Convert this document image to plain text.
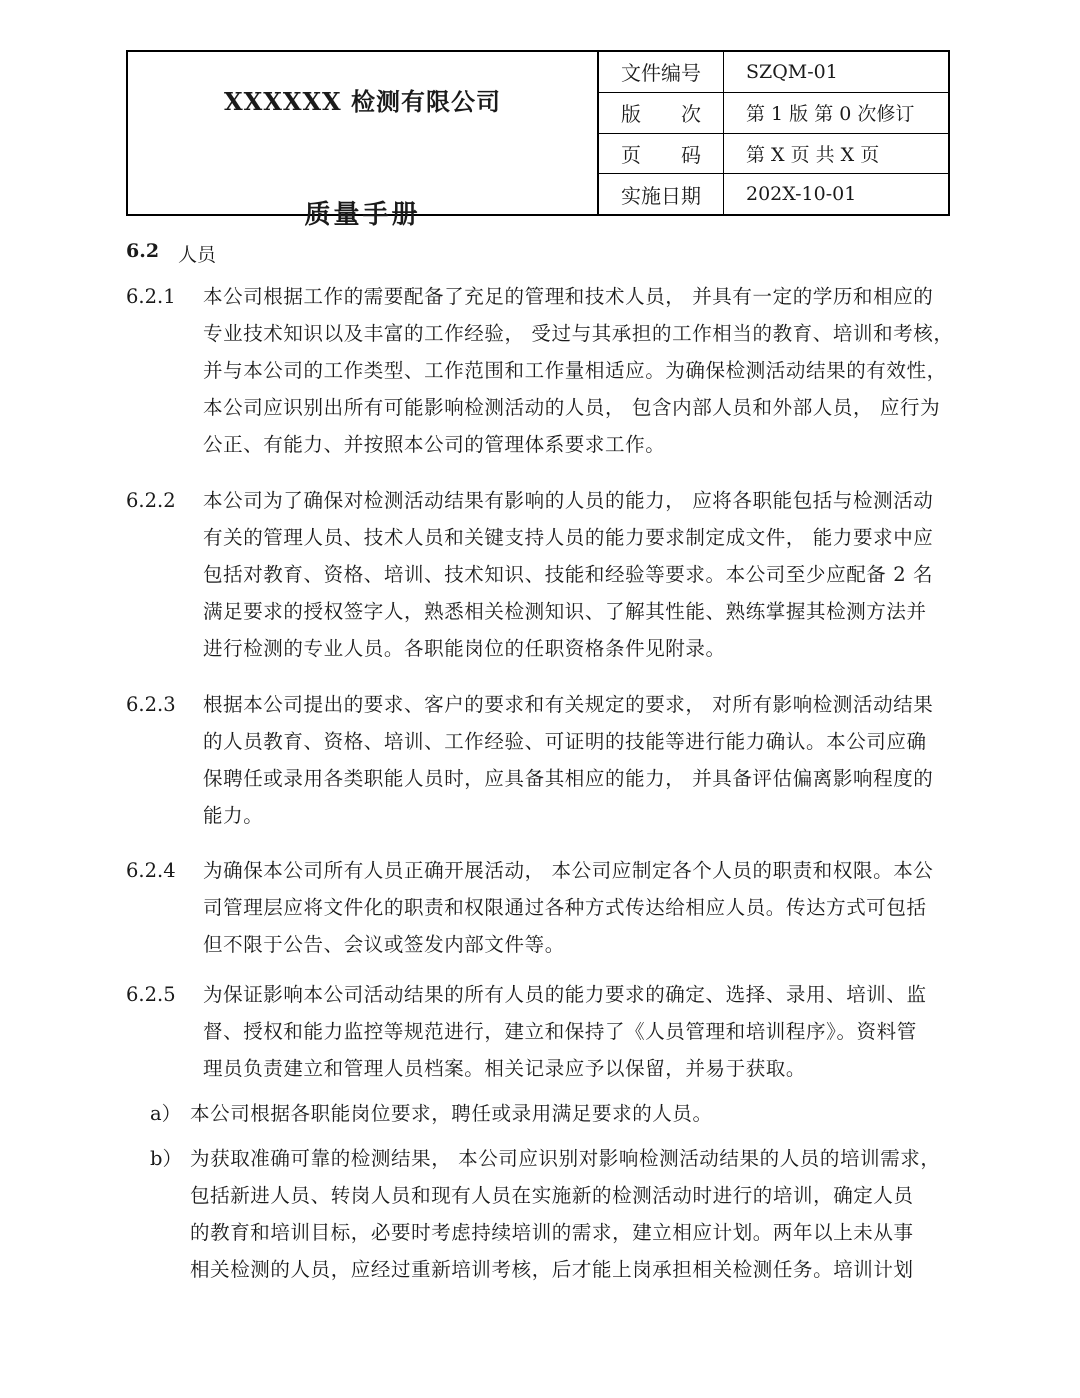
XXXXXX 检测有限公司
质量手册
文件编号	SZQM-01
版　　次	第 1 版 第 0 次修订
页　　码	第 X 页 共 X 页
实施日期	202X-10-01
6.2 人员
6.2.1 本公司根据工作的需要配备了充足的管理和技术人员， 并具有一定的学历和相应的
专业技术知识以及丰富的工作经验， 受过与其承担的工作相当的教育、培训和考核，
并与本公司的工作类型、工作范围和工作量相适应。为确保检测活动结果的有效性，
本公司应识别出所有可能影响检测活动的人员， 包含内部人员和外部人员， 应行为
公正、有能力、并按照本公司的管理体系要求工作。
6.2.2 本公司为了确保对检测活动结果有影响的人员的能力， 应将各职能包括与检测活动
有关的管理人员、技术人员和关键支持人员的能力要求制定成文件， 能力要求中应
包括对教育、资格、培训、技术知识、技能和经验等要求。本公司至少应配备 2 名
满足要求的授权签字人，熟悉相关检测知识、了解其性能、熟练掌握其检测方法并
进行检测的专业人员。各职能岗位的任职资格条件见附录。
6.2.3 根据本公司提出的要求、客户的要求和有关规定的要求， 对所有影响检测活动结果
的人员教育、资格、培训、工作经验、可证明的技能等进行能力确认。本公司应确
保聘任或录用各类职能人员时，应具备其相应的能力， 并具备评估偏离影响程度的
能力。
6.2.4 为确保本公司所有人员正确开展活动， 本公司应制定各个人员的职责和权限。本公
司管理层应将文件化的职责和权限通过各种方式传达给相应人员。传达方式可包括
但不限于公告、会议或签发内部文件等。
6.2.5 为保证影响本公司活动结果的所有人员的能力要求的确定、选择、录用、培训、监
督、授权和能力监控等规范进行，建立和保持了《人员管理和培训程序》。资料管
理员负责建立和管理人员档案。相关记录应予以保留，并易于获取。
a） 本公司根据各职能岗位要求，聘任或录用满足要求的人员。
b） 为获取准确可靠的检测结果， 本公司应识别对影响检测活动结果的人员的培训需求，
包括新进人员、转岗人员和现有人员在实施新的检测活动时进行的培训，确定人员
的教育和培训目标，必要时考虑持续培训的需求，建立相应计划。两年以上未从事
相关检测的人员，应经过重新培训考核，后才能上岗承担相关检测任务。培训计划
